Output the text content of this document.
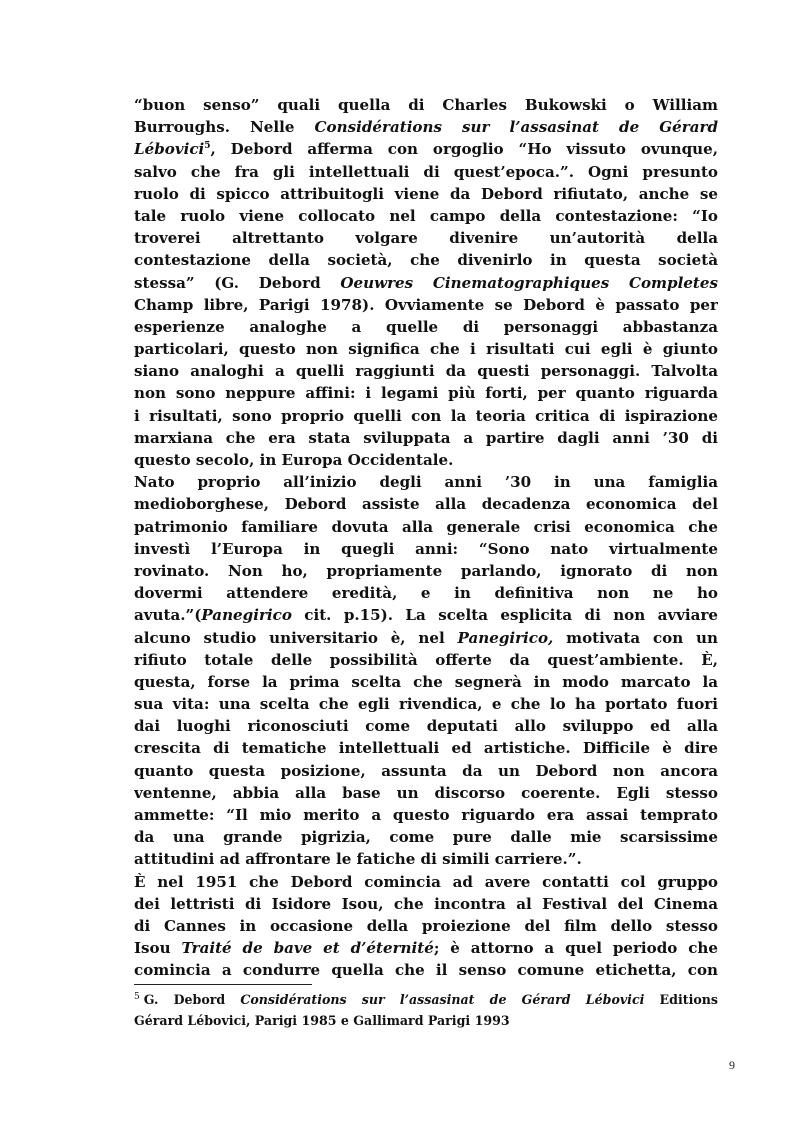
“buon senso” quali quella di Charles Bukowski o William
Burroughs. Nelle Considérations sur l’assasinat de Gérard
Lébovici$^5$, Debord afferma con orgoglio “Ho vissuto ovunque,
salvo che fra gli intellettuali di quest’epoca.”. Ogni presunto
ruolo di spicco attribuitogli viene da Debord rifiutato, anche se
tale ruolo viene collocato nel campo della contestazione: “Io
troverei altrettanto volgare divenire un’autorità della
contestazione della società, che divenirlo in questa società
stessa” (G. Debord Oeuwres Cinematographiques Completes
Champ libre, Parigi 1978). Ovviamente se Debord è passato per
esperienze analoghe a quelle di personaggi abbastanza
particolari, questo non significa che i risultati cui egli è giunto
siano analoghi a quelli raggiunti da questi personaggi. Talvolta
non sono neppure affini: i legami più forti, per quanto riguarda
i risultati, sono proprio quelli con la teoria critica di ispirazione
marxiana che era stata sviluppata a partire dagli anni ’30 di
questo secolo, in Europa Occidentale.
Nato proprio all’inizio degli anni ’30 in una famiglia
medioborghese, Debord assiste alla decadenza economica del
patrimonio familiare dovuta alla generale crisi economica che
investì l’Europa in quegli anni: “Sono nato virtualmente
rovinato. Non ho, propriamente parlando, ignorato di non
dovermi attendere eredità, e in definitiva non ne ho
avuta.”(Panegirico cit. p.15). La scelta esplicita di non avviare
alcuno studio universitario è, nel Panegirico, motivata con un
rifiuto totale delle possibilità offerte da quest’ambiente. È,
questa, forse la prima scelta che segnerà in modo marcato la
sua vita: una scelta che egli rivendica, e che lo ha portato fuori
dai luoghi riconosciuti come deputati allo sviluppo ed alla
crescita di tematiche intellettuali ed artistiche. Difficile è dire
quanto questa posizione, assunta da un Debord non ancora
ventenne, abbia alla base un discorso coerente. Egli stesso
ammette: “Il mio merito a questo riguardo era assai temprato
da una grande pigrizia, come pure dalle mie scarsissime
attitudini ad affrontare le fatiche di simili carriere.”.
È nel 1951 che Debord comincia ad avere contatti col gruppo
dei lettristi di Isidore Isou, che incontra al Festival del Cinema
di Cannes in occasione della proiezione del film dello stesso
Isou Traité de bave et d’éternité; è attorno a quel periodo che
comincia a condurre quella che il senso comune etichetta, con
$^5$ G. Debord Considérations sur l’assasinat de Gérard Lébovici Editions
Gérard Lébovici, Parigi 1985 e Gallimard Parigi 1993
9
